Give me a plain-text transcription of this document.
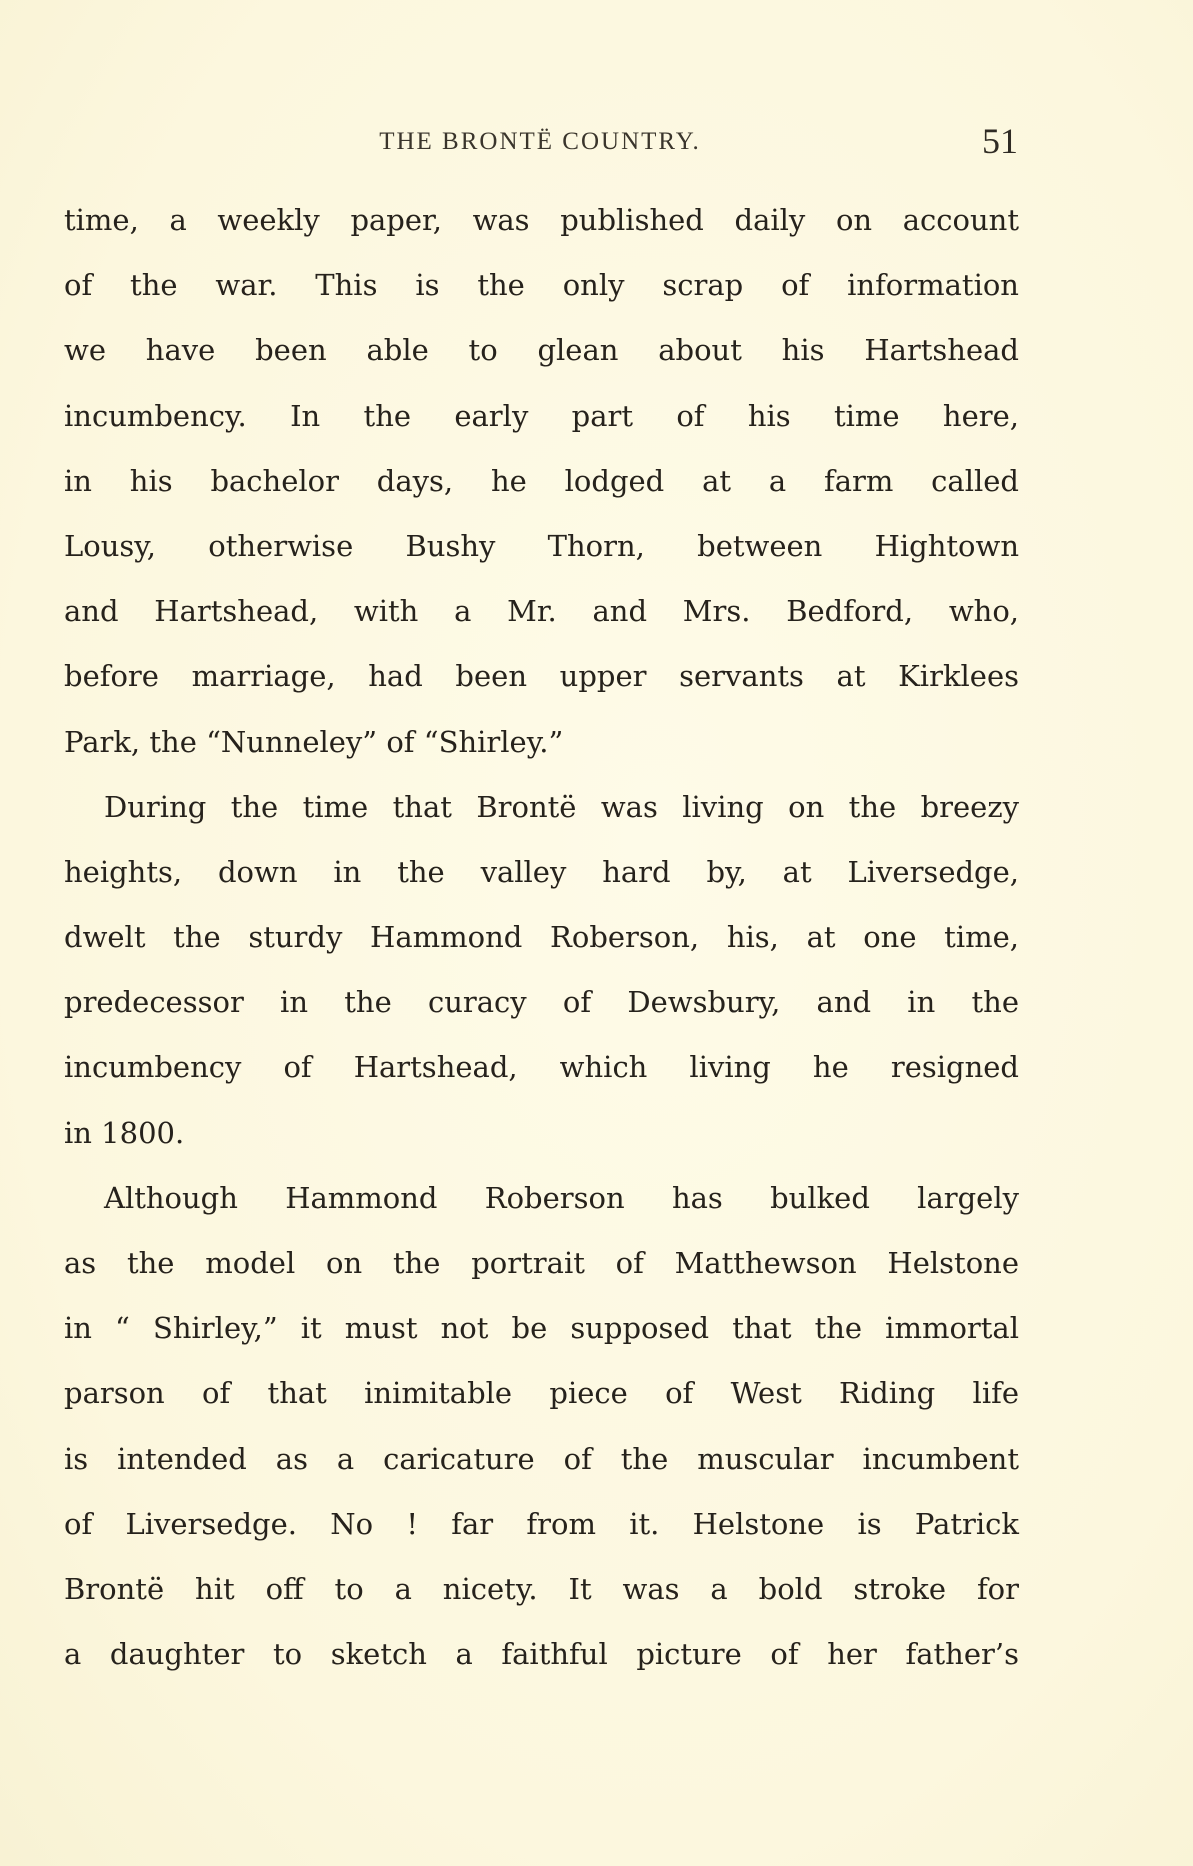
THE BRONTË COUNTRY.	51
time, a weekly paper, was published daily on account
of the war. This is the only scrap of information
we have been able to glean about his Hartshead
incumbency. In the early part of his time here,
in his bachelor days, he lodged at a farm called
Lousy, otherwise Bushy Thorn, between Hightown
and Hartshead, with a Mr. and Mrs. Bedford, who,
before marriage, had been upper servants at Kirklees
Park, the “Nunneley” of “Shirley.”
During the time that Brontë was living on the breezy
heights, down in the valley hard by, at Liversedge,
dwelt the sturdy Hammond Roberson, his, at one time,
predecessor in the curacy of Dewsbury, and in the
incumbency of Hartshead, which living he resigned
in 1800.
Although Hammond Roberson has bulked largely
as the model on the portrait of Matthewson Helstone
in “ Shirley,” it must not be supposed that the immortal
parson of that inimitable piece of West Riding life
is intended as a caricature of the muscular incumbent
of Liversedge. No ! far from it. Helstone is Patrick
Brontë hit off to a nicety. It was a bold stroke for
a daughter to sketch a faithful picture of her father’s
